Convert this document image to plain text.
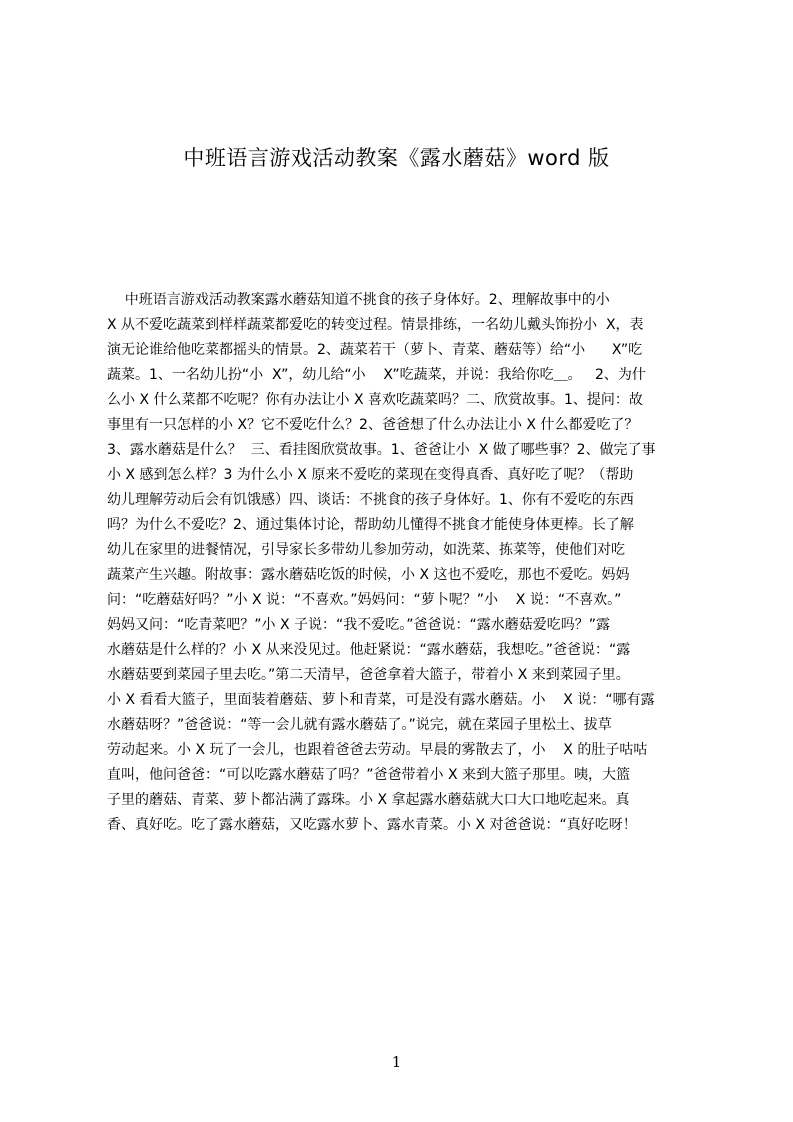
中班语言游戏活动教案《露水蘑菇》word 版
中班语言游戏活动教案露水蘑菇知道不挑食的孩子身体好。2、理解故事中的小
X 从不爱吃蔬菜到样样蔬菜都爱吃的转变过程。情景排练，一名幼儿戴头饰扮小  X，表
演无论谁给他吃菜都摇头的情景。2、蔬菜若干（萝卜、青菜、蘑菇等）给“小      X”吃
蔬菜。1、一名幼儿扮“小  X”，幼儿给“小    X”吃蔬菜，并说：我给你吃＿。   2、为什
么小 X 什么菜都不吃呢？你有办法让小 X 喜欢吃蔬菜吗？二、欣赏故事。1、提问：故
事里有一只怎样的小 X？它不爱吃什么？2、爸爸想了什么办法让小 X 什么都爱吃了？
3、露水蘑菇是什么？  三、看挂图欣赏故事。1、爸爸让小  X 做了哪些事？2、做完了事
小 X 感到怎么样？3 为什么小 X 原来不爱吃的菜现在变得真香、真好吃了呢？（帮助
幼儿理解劳动后会有饥饿感）四、谈话：不挑食的孩子身体好。1、你有不爱吃的东西
吗？为什么不爱吃？2、通过集体讨论，帮助幼儿懂得不挑食才能使身体更棒。长了解
幼儿在家里的进餐情况，引导家长多带幼儿参加劳动，如洗菜、拣菜等，使他们对吃
蔬菜产生兴趣。附故事：露水蘑菇吃饭的时候，小 X 这也不爱吃，那也不爱吃。妈妈
问：“吃蘑菇好吗？”小 X 说：“不喜欢。”妈妈问：“萝卜呢？”小    X 说：“不喜欢。”
妈妈又问：“吃青菜吧？”小 X 子说：“我不爱吃。”爸爸说：“露水蘑菇爱吃吗？”露
水蘑菇是什么样的？小 X 从来没见过。他赶紧说：“露水蘑菇，我想吃。”爸爸说：“露
水蘑菇要到菜园子里去吃。”第二天清早，爸爸拿着大篮子，带着小 X 来到菜园子里。
小 X 看看大篮子，里面装着蘑菇、萝卜和青菜，可是没有露水蘑菇。小    X 说：“哪有露
水蘑菇呀？”爸爸说：“等一会儿就有露水蘑菇了。”说完，就在菜园子里松土、拔草
劳动起来。小 X 玩了一会儿，也跟着爸爸去劳动。早晨的雾散去了，小    X 的肚子咕咕
直叫，他问爸爸：“可以吃露水蘑菇了吗？”爸爸带着小 X 来到大篮子那里。咦，大篮
子里的蘑菇、青菜、萝卜都沾满了露珠。小 X 拿起露水蘑菇就大口大口地吃起来。真
香、真好吃。吃了露水蘑菇，又吃露水萝卜、露水青菜。小 X 对爸爸说：“真好吃呀！
1
